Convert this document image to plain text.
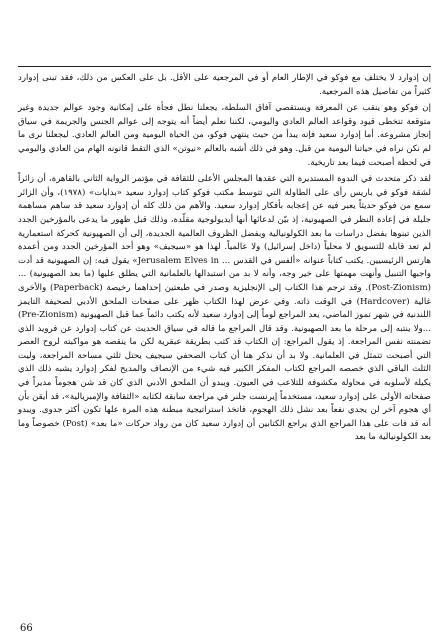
إن إدوارد لا يختلف مع فوكو في الإطار العام أو في المرجعية على الأقل. بل على العكس من ذلك، فقد تبنى إدوارد كثيراً من تفاصيل هذه المرجعية.

إن فوكو وهو ينقب عن المعرفة ويستقصي آفاق السلطة، يجعلنا نطل فجأة على إمكانية وجود عوالم جديدة وغير متوقعة تتخطى قيود وقواعد العالم العادي واليومي، لكننا نعلم أيضاً أنه يتوجه إلى عوالم الجنس والجريمة في سياق إنجاز مشروعه. أما إدوارد سعيد فإنه يبدأ من حيث ينتهي فوكو، من الحياة اليومية ومن العالم العادي. ليجعلنا نرى ما لم نكن نراه في حياتنا اليومية من قبل. وهو في ذلك أشبه بالعالم «نيوتن» الذي التقط قانونه الهام من العادي واليومي في لحظة أصبحت فيما بعد تاريخية.

لقد ذكر متحدث في الندوة المستديرة التي عقدها المجلس الأعلى للثقافة في مؤتمر الرواية الثاني بالقاهرة، أن زائراً لشقة فوكو في باريس رأى على الطاولة التي تتوسط مكتب فوكو كتاب إدوارد سعيد «بدايات» (١٩٧٨)، وأن الزائر سمع من فوكو حديثاً يعبر فيه عن إعجابه بأفكار إدوارد سعيد. والأهم من ذلك كله أن إدوارد سعيد قد ساهم مساهمة جليلة في إعادة النظر في الصهيونية، إذ بيّن لدعائها أنها أيديولوجية مقلّدة، وذلك قبل ظهور ما يدعى بالمؤرخين الجدد الذين تبنوها بفضل دراسات ما بعد الكولونيالية وبفضل الظروف العالمية الجديدة، إلى أن الصهيونية كحركة استعمارية لم تعد قابلة للتسويق لا محلياً (داخل إسرائيل) ولا عالمياً. لهذا هو «سيجيف» وهو أحد المؤرخين الجدد ومن أعمدة هارتس الرئيسيين. يكتب كتاباً عنوانه «ألفس في القدس ... Jerusalem Elves in» يقول فيه: إن الصهيونية قد أدت واجبها التنبيل وأنهت مهمتها على خير وجه، وأنه لا بد من استبدالها بالعلمانية التي يطلق عليها (ما بعد الصهيونية) ...(Post-Zionism). وقد ترجم هذا الكتاب إلى الإنجليزية وصدر في طبعتين إحداهما رخيصة (Paperback) والأخرى غالية (Hardcover) في الوقت ذاته. وفي عرض لهذا الكتاب ظهر على صفحات الملحق الأدبي لصحيفة التايمز اللندنية في شهر تموز الماضي، يعد المراجع لوماً إلى إدوارد سعيد لأنه يكتب دائماً عما قبل الصهيونية (Pre-Zionism) ...ولا ينتبه إلى مرحلة ما بعد الصهيونية. وقد قال المراجع ما قاله في سياق الحديث عن كتاب إدوارد عن فرويد الذي تضمنته نفس المراجعة. إذ يقول المراجع: إن الكتاب قد كتب بطريقة عبقرية لكن ما ينقصه هو مواكبته لروح العصر التي أصبحت تتمثل في العلمانية. ولا بد أن نذكر هنا أن كتاب الصحفي سيجيف يحتل ثلثي مساحة المراجعة، وليت الثلث الباقي الذي خصصه المراجع لكتاب المفكر الكبير فيه شيء من الإنصاف والمديح لفكر إدوارد يشبه ذلك الذي يكيله لأسلوبه في محاولة مكشوفة للتلاعب في العيون. ويبدو أن الملحق الأدبي الذي كان قد شن هجوماً مديراً في صفحاته الأولى على إدوارد سعيد، مستخدماً إيرنست جلنر في مراجعة سابقة لكتابه «الثقافة والإمبريالية»، قد أيقن بأن أي هجوم آخر لن يجدي نفعاً بعد نشل ذلك الهجوم، فاتخذ استراتيجية مبطنة هذه المرة علها تكون أكثر جدوى. ويبدو أنه قد فات على هذا المراجع الذي يراجع الكتابين أن إدوارد سعيد كان من رواد حركات «ما بعد» (Post) خصوصاً وما بعد الكولونيالية ما بعد

66
